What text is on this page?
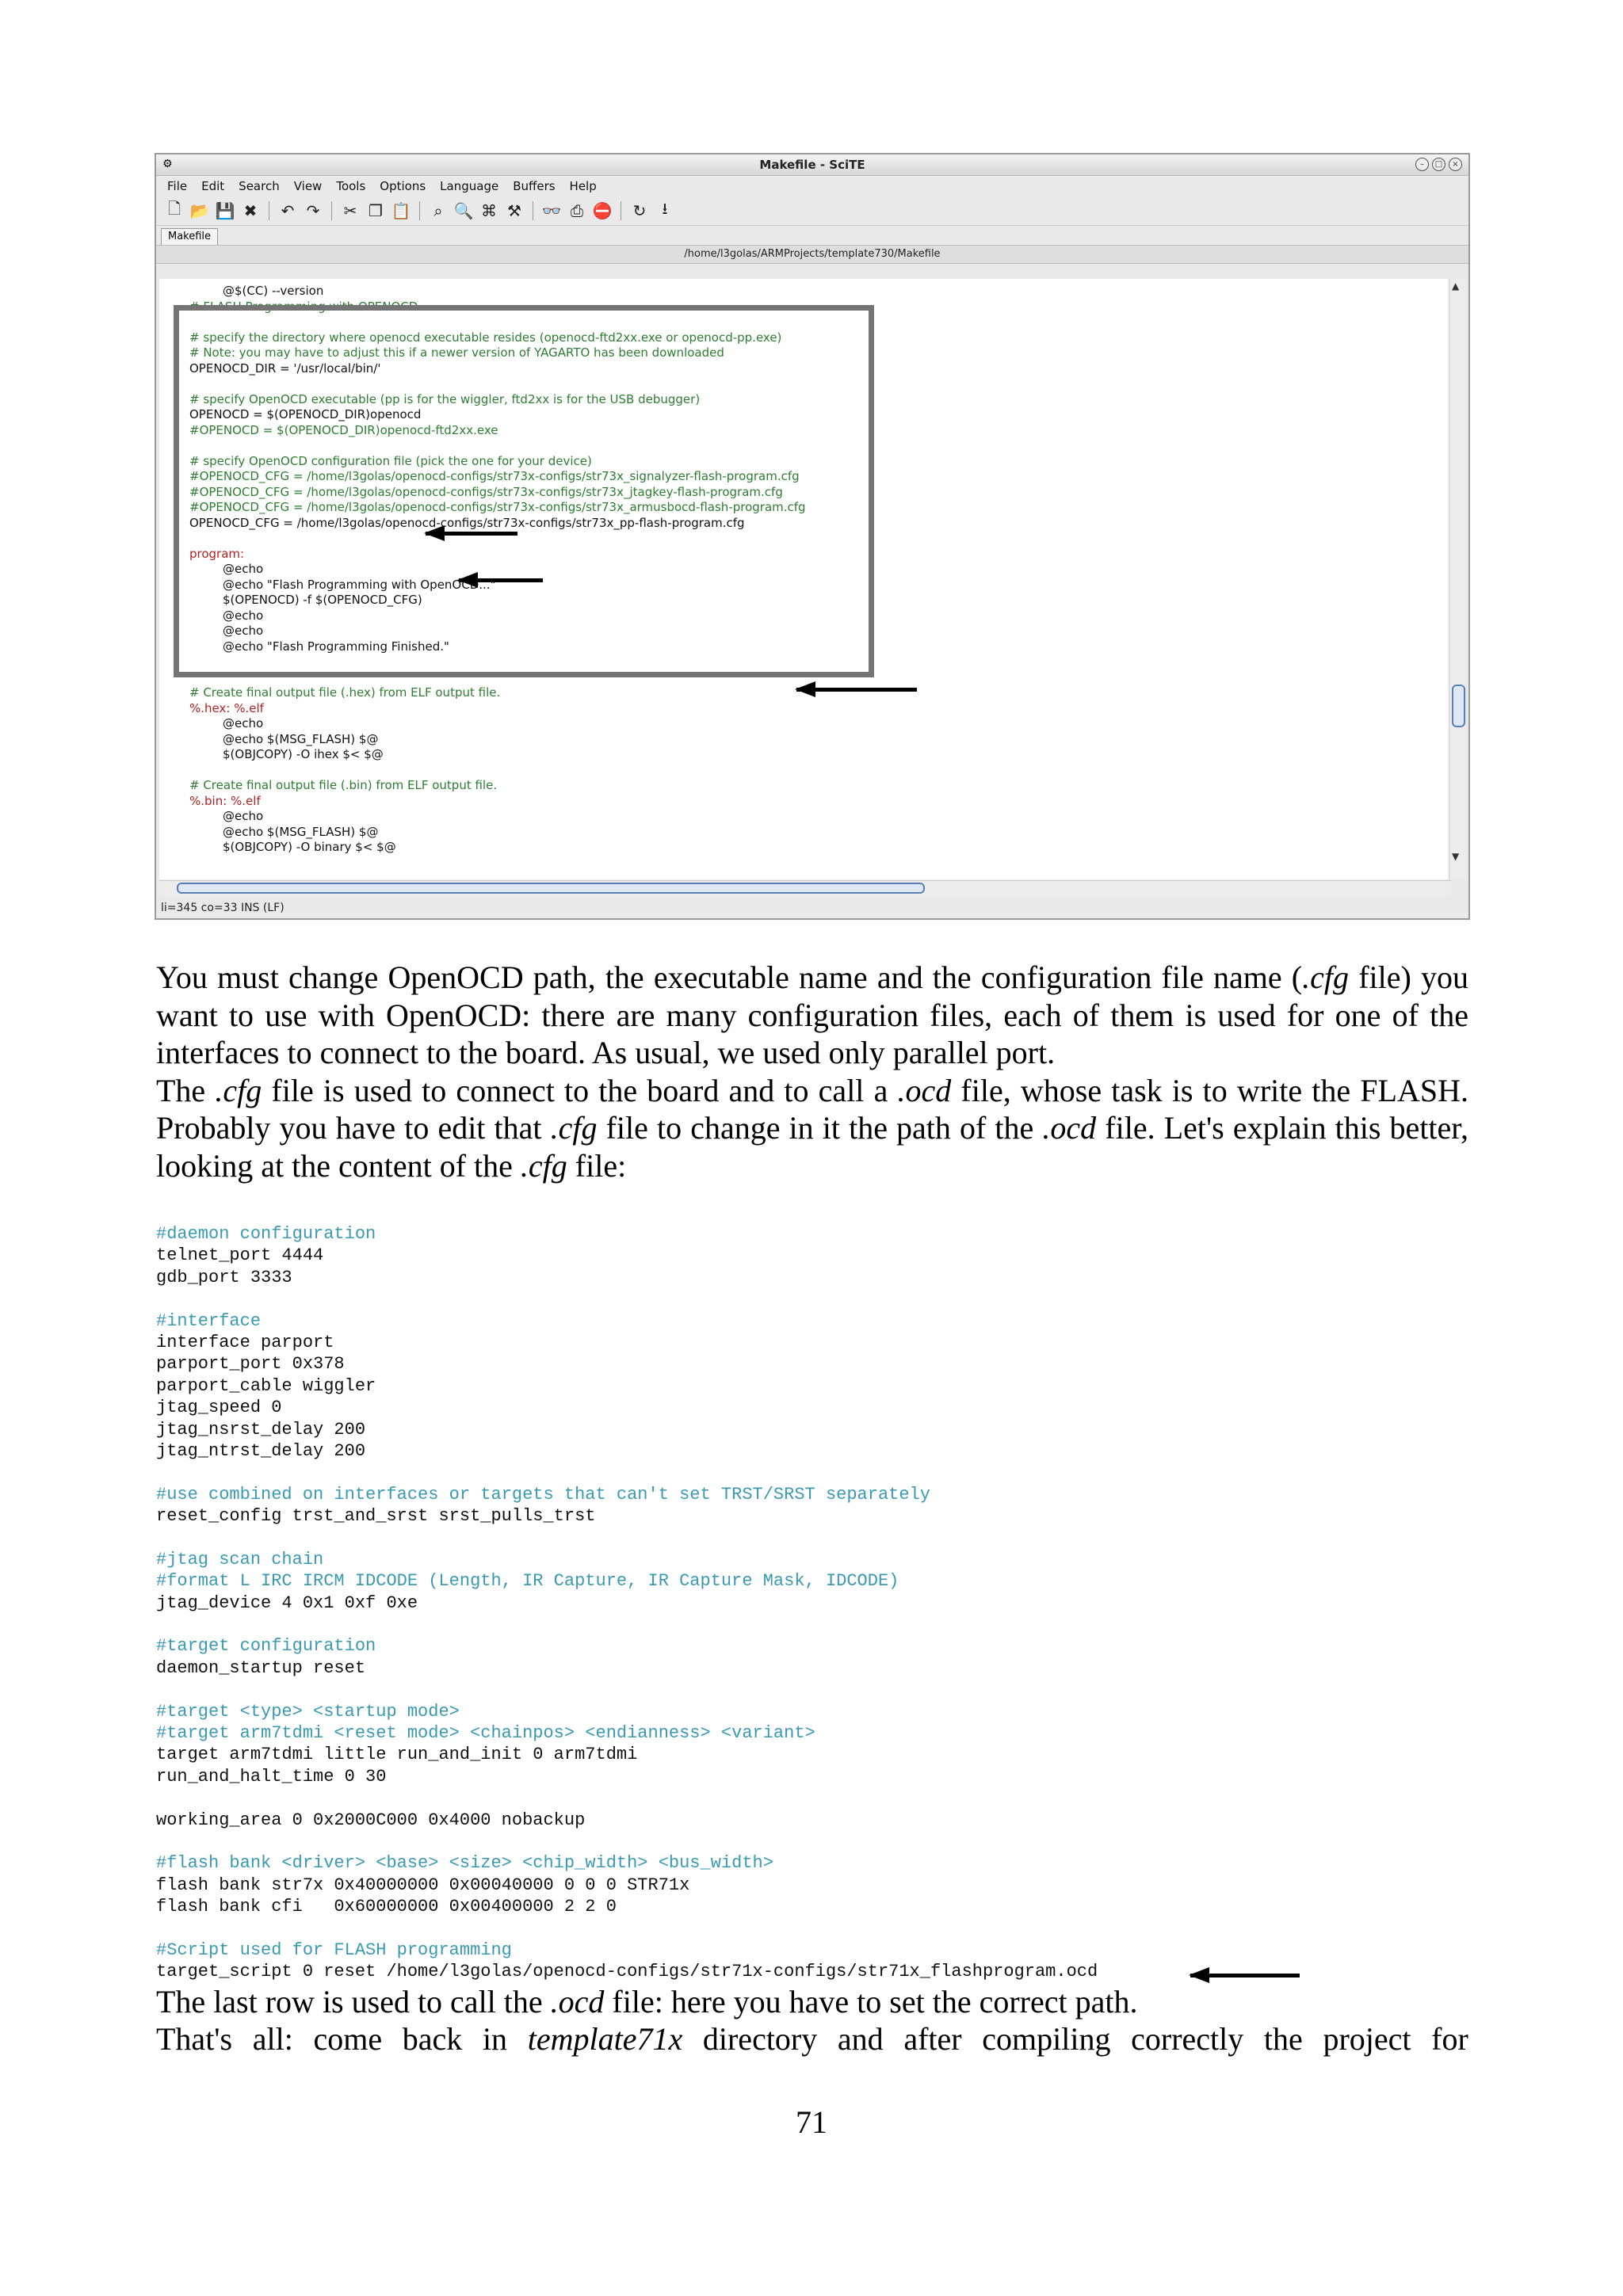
⚙	Makefile - SciTE	–	□	×
File Edit Search View Tools Options Language Buffers Help
🗋 📂 💾 ✖ ↶ ↷ ✂ ❐ 📋	⌕ 🔍 ⌘ ⚒ 👓 ⎙ ⛔ ↻	⭳
Makefile
/home/l3golas/ARMProjects/template730/Makefile
@$(CC) --version
# FLASH Programming with OPENOCD
# specify the directory where openocd executable resides (openocd-ftd2xx.exe or openocd-pp.exe)
# Note: you may have to adjust this if a newer version of YAGARTO has been downloaded
OPENOCD_DIR = '/usr/local/bin/'
# specify OpenOCD executable (pp is for the wiggler, ftd2xx is for the USB debugger)
OPENOCD = $(OPENOCD_DIR)openocd
#OPENOCD = $(OPENOCD_DIR)openocd-ftd2xx.exe
# specify OpenOCD configuration file (pick the one for your device)
#OPENOCD_CFG = /home/l3golas/openocd-configs/str73x-configs/str73x_signalyzer-flash-program.cfg
#OPENOCD_CFG = /home/l3golas/openocd-configs/str73x-configs/str73x_jtagkey-flash-program.cfg
#OPENOCD_CFG = /home/l3golas/openocd-configs/str73x-configs/str73x_armusbocd-flash-program.cfg
OPENOCD_CFG = /home/l3golas/openocd-configs/str73x-configs/str73x_pp-flash-program.cfg
program:
@echo
@echo "Flash Programming with OpenOCD..."
$(OPENOCD) -f $(OPENOCD_CFG)
@echo
@echo
@echo "Flash Programming Finished."
# Create final output file (.hex) from ELF output file.
%.hex: %.elf
@echo
@echo $(MSG_FLASH) $@
$(OBJCOPY) -O ihex $< $@
# Create final output file (.bin) from ELF output file.
%.bin: %.elf
@echo
@echo $(MSG_FLASH) $@
$(OBJCOPY) -O binary $< $@
▲
▼
li=345 co=33 INS (LF)

You must change OpenOCD path, the executable name and the configuration file name (.cfg file) you want to use with OpenOCD: there are many configuration files, each of them is used for one of the interfaces to connect to the board. As usual, we used only parallel port.

The .cfg file is used to connect to the board and to call a .ocd file, whose task is to write the FLASH. Probably you have to edit that .cfg file to change in it the path of the .ocd file. Let's explain this better, looking at the content of the .cfg file:

#daemon configuration
telnet_port 4444
gdb_port 3333
#interface
interface parport
parport_port 0x378
parport_cable wiggler
jtag_speed 0
jtag_nsrst_delay 200
jtag_ntrst_delay 200
#use combined on interfaces or targets that can't set TRST/SRST separately
reset_config trst_and_srst srst_pulls_trst
#jtag scan chain
#format L IRC IRCM IDCODE (Length, IR Capture, IR Capture Mask, IDCODE)
jtag_device 4 0x1 0xf 0xe
#target configuration
daemon_startup reset
#target <type> <startup mode>
#target arm7tdmi <reset mode> <chainpos> <endianness> <variant>
target arm7tdmi little run_and_init 0 arm7tdmi
run_and_halt_time 0 30
working_area 0 0x2000C000 0x4000 nobackup
#flash bank <driver> <base> <size> <chip_width> <bus_width>
flash bank str7x 0x40000000 0x00040000 0 0 0 STR71x
flash bank cfi   0x60000000 0x00400000 2 2 0
#Script used for FLASH programming
target_script 0 reset /home/l3golas/openocd-configs/str71x-configs/str71x_flashprogram.ocd
The last row is used to call the .ocd file: here you have to set the correct path.
That's all: come back in template71x directory and after compiling correctly the project for
71
